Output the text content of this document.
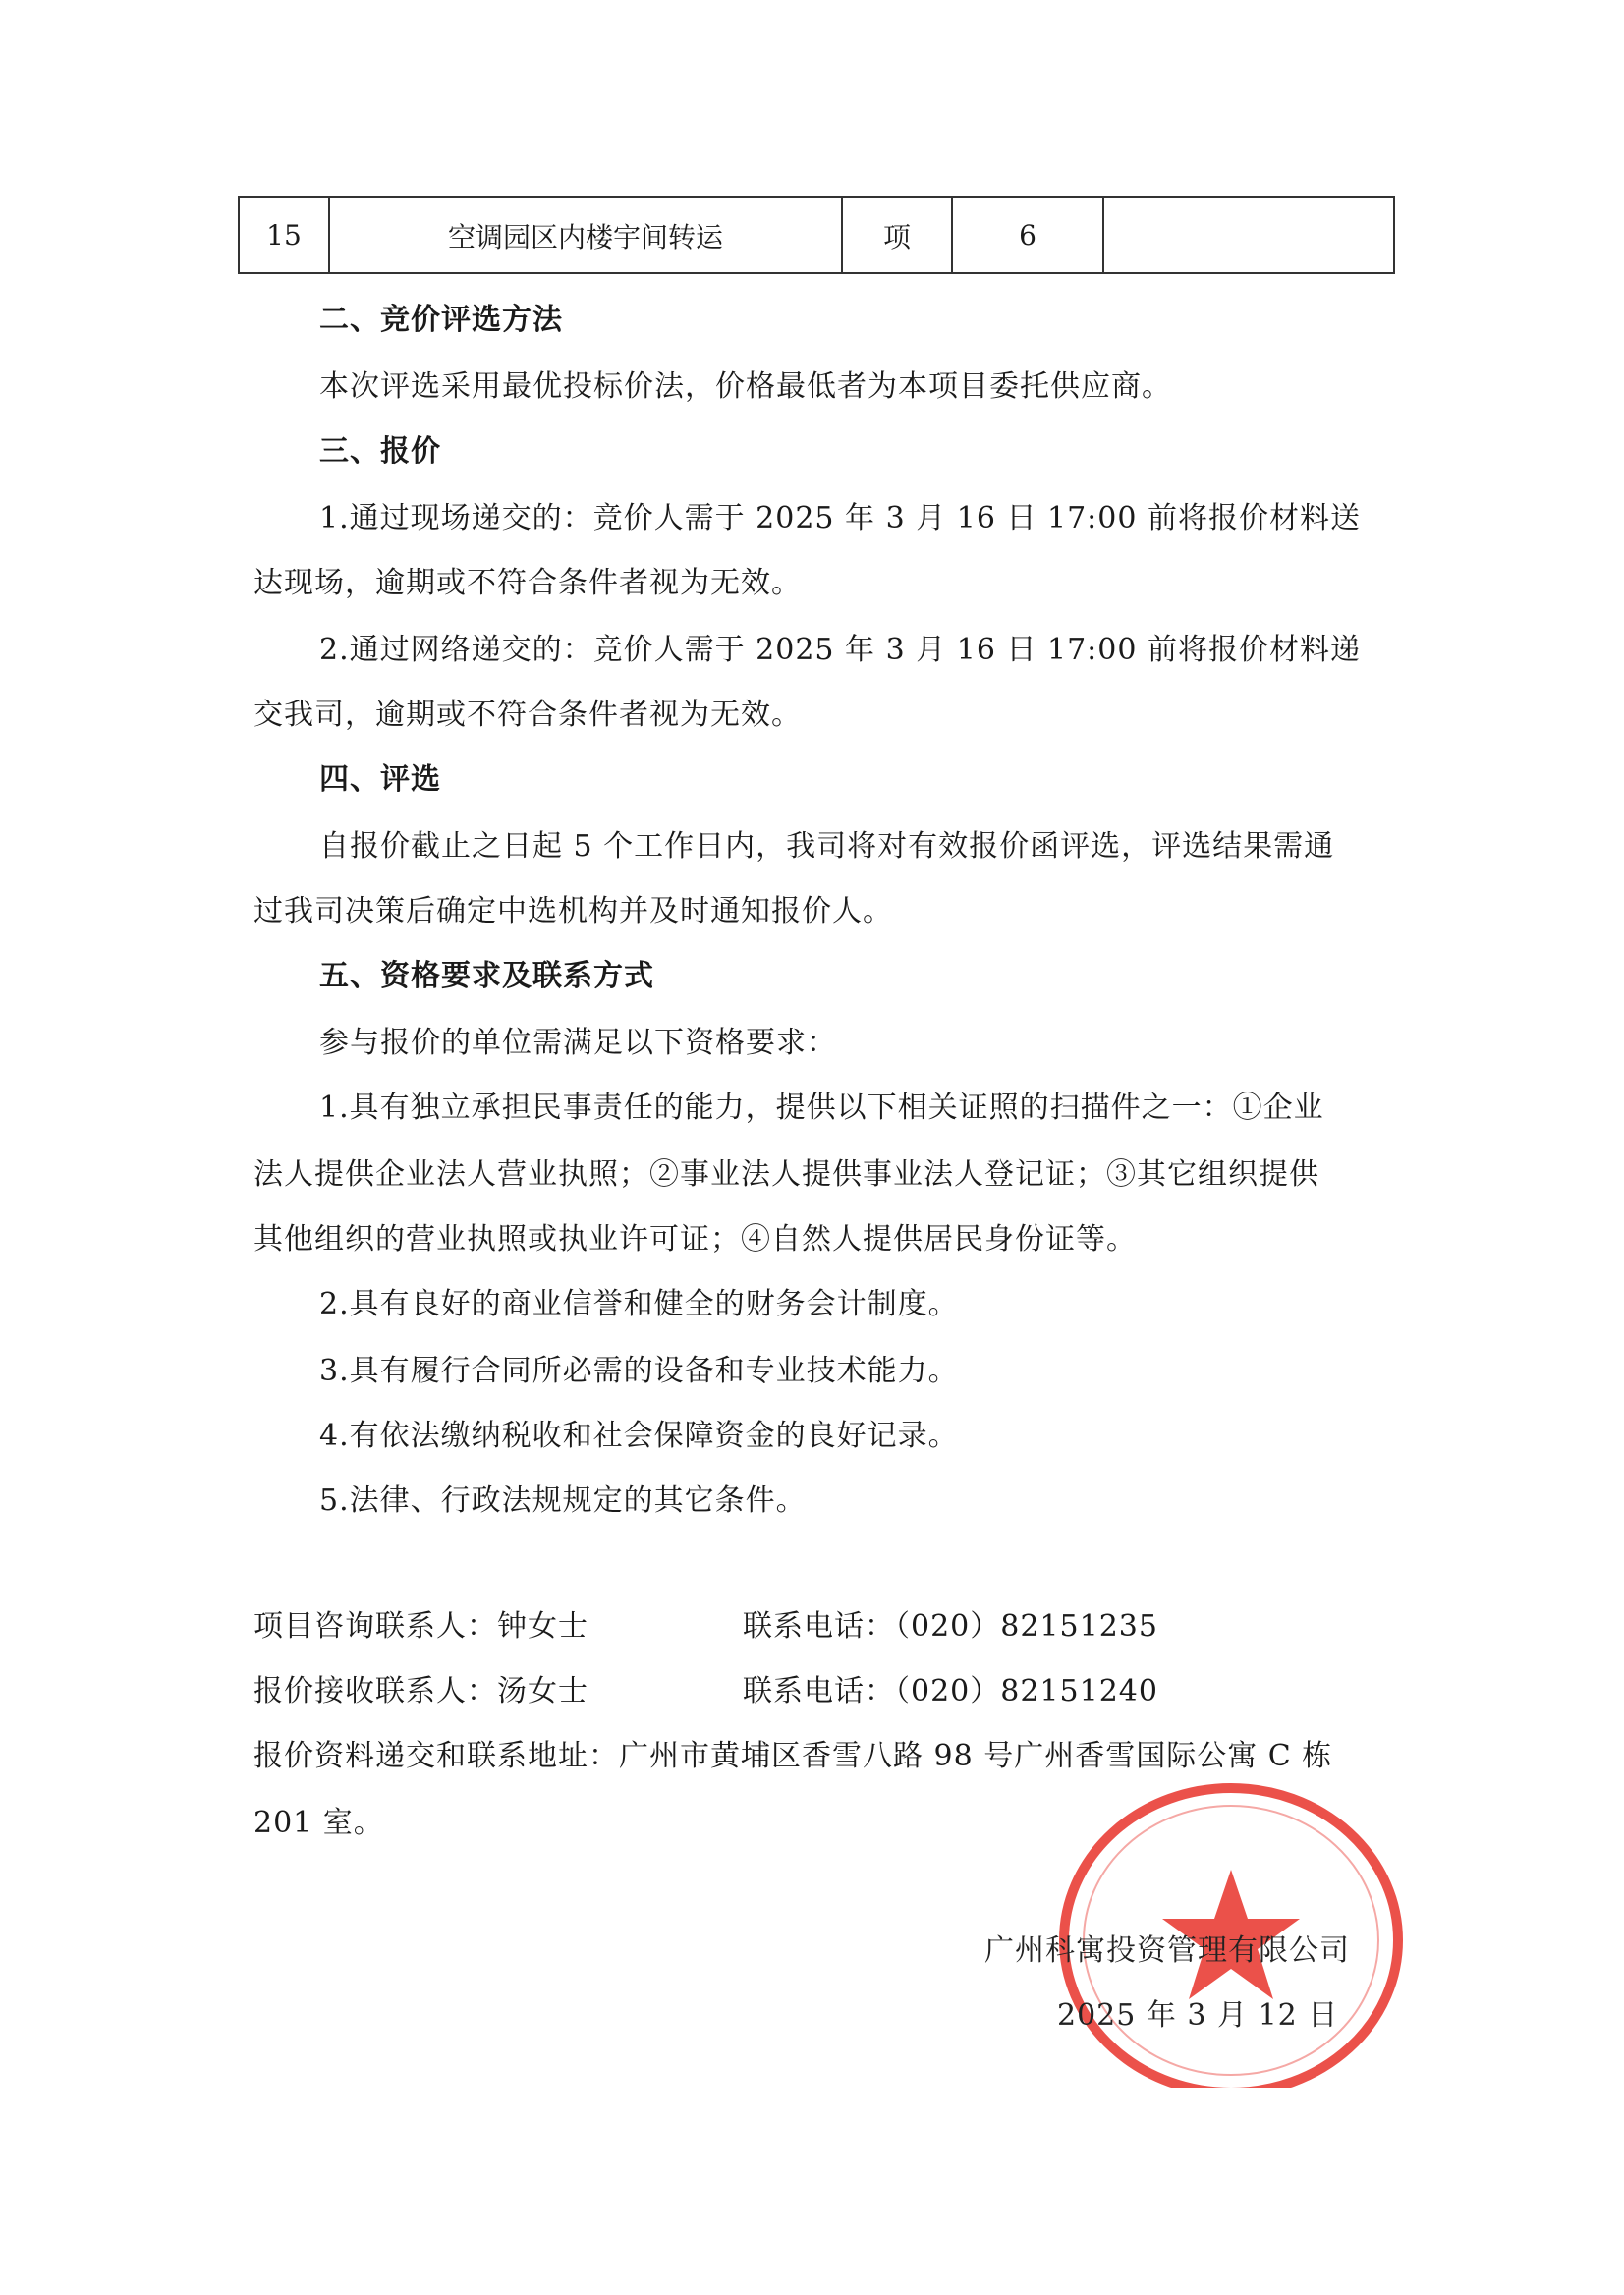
15	空调园区内楼宇间转运	项	6	
二、竞价评选方法
本次评选采用最优投标价法，价格最低者为本项目委托供应商。
三、报价
1.通过现场递交的：竞价人需于 2025 年 3 月 16 日 17:00 前将报价材料送
达现场，逾期或不符合条件者视为无效。
2.通过网络递交的：竞价人需于 2025 年 3 月 16 日 17:00 前将报价材料递
交我司，逾期或不符合条件者视为无效。
四、评选
自报价截止之日起 5 个工作日内，我司将对有效报价函评选，评选结果需通
过我司决策后确定中选机构并及时通知报价人。
五、资格要求及联系方式
参与报价的单位需满足以下资格要求：
1.具有独立承担民事责任的能力，提供以下相关证照的扫描件之一：①企业
法人提供企业法人营业执照；②事业法人提供事业法人登记证；③其它组织提供
其他组织的营业执照或执业许可证；④自然人提供居民身份证等。
2.具有良好的商业信誉和健全的财务会计制度。
3.具有履行合同所必需的设备和专业技术能力。
4.有依法缴纳税收和社会保障资金的良好记录。
5.法律、行政法规规定的其它条件。
项目咨询联系人：钟女士	联系电话：（020）82151235
报价接收联系人：汤女士	联系电话：（020）82151240
报价资料递交和联系地址：广州市黄埔区香雪八路 98 号广州香雪国际公寓 C 栋
201 室。
广州科寓投资管理有限公司
2025 年 3 月 12 日
